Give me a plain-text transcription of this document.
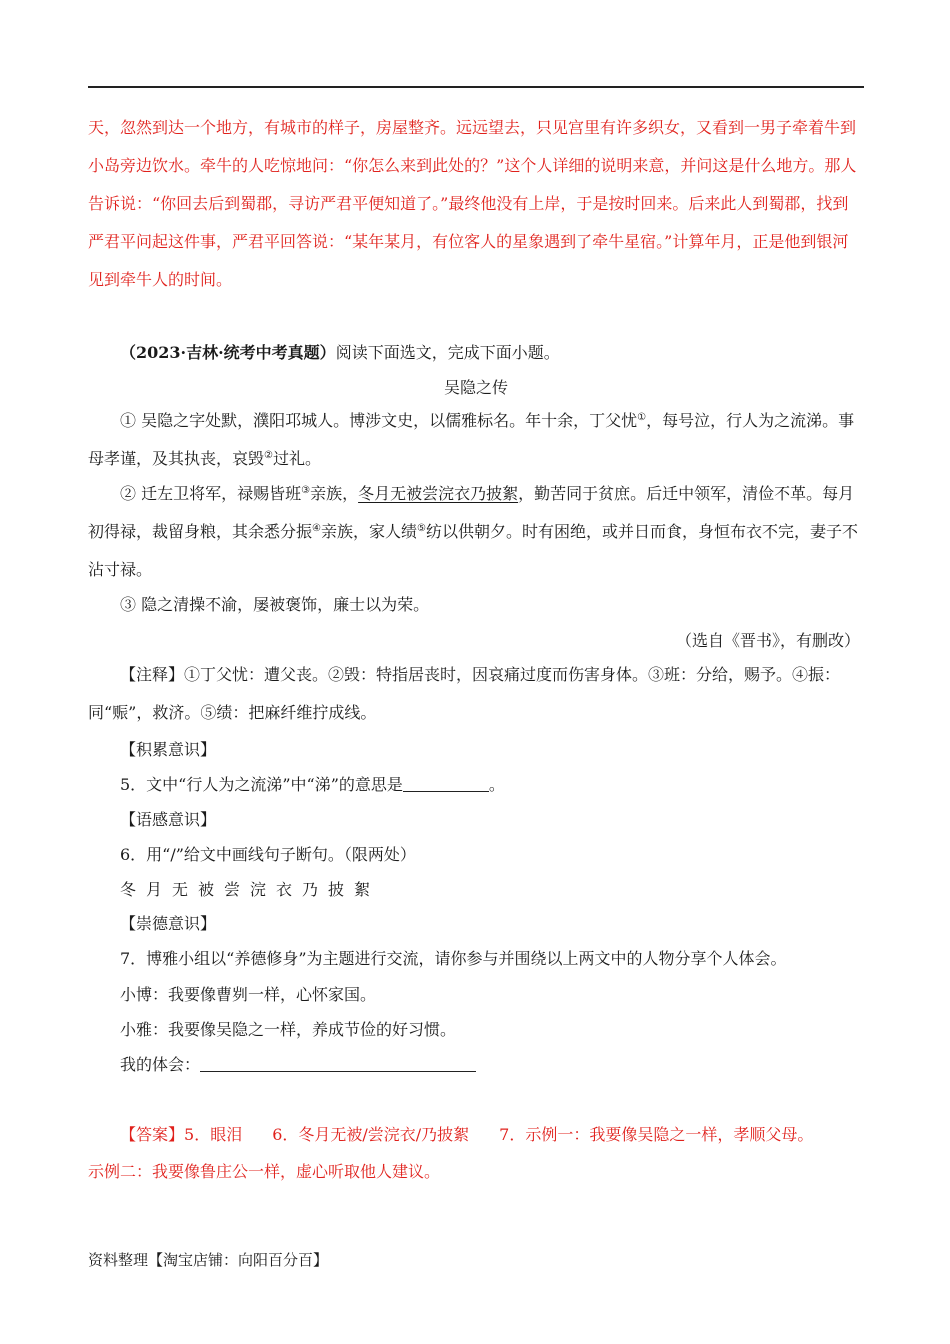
天，忽然到达一个地方，有城市的样子，房屋整齐。远远望去，只见宫里有许多织女，又看到一男子牵着牛到小岛旁边饮水。牵牛的人吃惊地问：“你怎么来到此处的？”这个人详细的说明来意，并问这是什么地方。那人告诉说：“你回去后到蜀郡，寻访严君平便知道了。”最终他没有上岸，于是按时回来。后来此人到蜀郡，找到严君平问起这件事，严君平回答说：“某年某月，有位客人的星象遇到了牵牛星宿。”计算年月，正是他到银河见到牵牛人的时间。

（2023·吉林·统考中考真题）阅读下面选文，完成下面小题。
吴隐之传

① 吴隐之字处默，濮阳邛城人。博涉文史，以儒雅标名。年十余，丁父忧①，每号泣，行人为之流涕。事母孝谨，及其执丧，哀毁②过礼。

② 迁左卫将军，禄赐皆班③亲族，冬月无被尝浣衣乃披絮，勤苦同于贫庶。后迁中领军，清俭不革。每月初得禄，裁留身粮，其余悉分振④亲族，家人绩⑤纺以供朝夕。时有困绝，或并日而食，身恒布衣不完，妻子不沾寸禄。

③ 隐之清操不渝，屡被褒饰，廉士以为荣。

（选自《晋书》，有删改）

【注释】①丁父忧：遭父丧。②毁：特指居丧时，因哀痛过度而伤害身体。③班：分给，赐予。④振：同“赈”，救济。⑤绩：把麻纤维拧成线。

【积累意识】
5．文中“行人为之流涕”中“涕”的意思是	。
【语感意识】
6．用“/”给文中画线句子断句。（限两处）
冬月无被尝浣衣乃披絮
【崇德意识】
7．博雅小组以“养德修身”为主题进行交流，请你参与并围绕以上两文中的人物分享个人体会。
小博：我要像曹刿一样，心怀家国。
小雅：我要像吴隐之一样，养成节俭的好习惯。
我的体会：
【答案】5．眼泪 6．冬月无被/尝浣衣/乃披絮 7．示例一：我要像吴隐之一样，孝顺父母。
示例二：我要像鲁庄公一样，虚心听取他人建议。
资料整理【淘宝店铺：向阳百分百】
